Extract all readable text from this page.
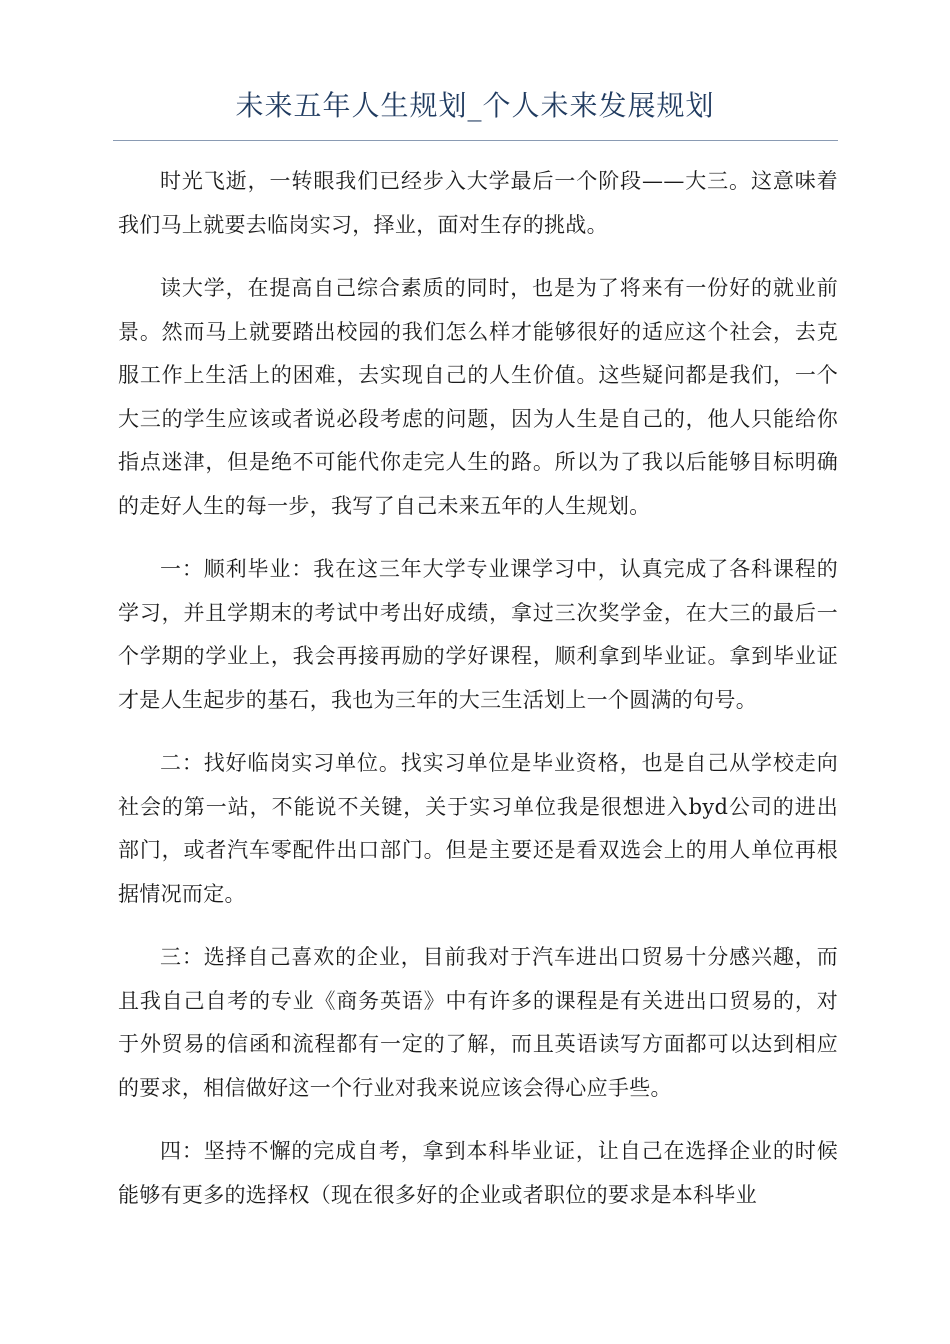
未来五年人生规划_个人未来发展规划

时光飞逝，一转眼我们已经步入大学最后一个阶段——大三。这意味着我们马上就要去临岗实习，择业，面对生存的挑战。

读大学，在提高自己综合素质的同时，也是为了将来有一份好的就业前景。然而马上就要踏出校园的我们怎么样才能够很好的适应这个社会，去克服工作上生活上的困难，去实现自己的人生价值。这些疑问都是我们，一个大三的学生应该或者说必段考虑的问题，因为人生是自己的，他人只能给你指点迷津，但是绝不可能代你走完人生的路。所以为了我以后能够目标明确的走好人生的每一步，我写了自己未来五年的人生规划。

一：顺利毕业：我在这三年大学专业课学习中，认真完成了各科课程的学习，并且学期末的考试中考出好成绩，拿过三次奖学金，在大三的最后一个学期的学业上，我会再接再励的学好课程，顺利拿到毕业证。拿到毕业证才是人生起步的基石，我也为三年的大三生活划上一个圆满的句号。

二：找好临岗实习单位。找实习单位是毕业资格，也是自己从学校走向社会的第一站，不能说不关键，关于实习单位我是很想进入byd公司的进出部门，或者汽车零配件出口部门。但是主要还是看双选会上的用人单位再根据情况而定。

三：选择自己喜欢的企业，目前我对于汽车进出口贸易十分感兴趣，而且我自己自考的专业《商务英语》中有许多的课程是有关进出口贸易的，对于外贸易的信函和流程都有一定的了解，而且英语读写方面都可以达到相应的要求，相信做好这一个行业对我来说应该会得心应手些。

四：坚持不懈的完成自考，拿到本科毕业证，让自己在选择企业的时候能够有更多的选择权（现在很多好的企业或者职位的要求是本科毕业
